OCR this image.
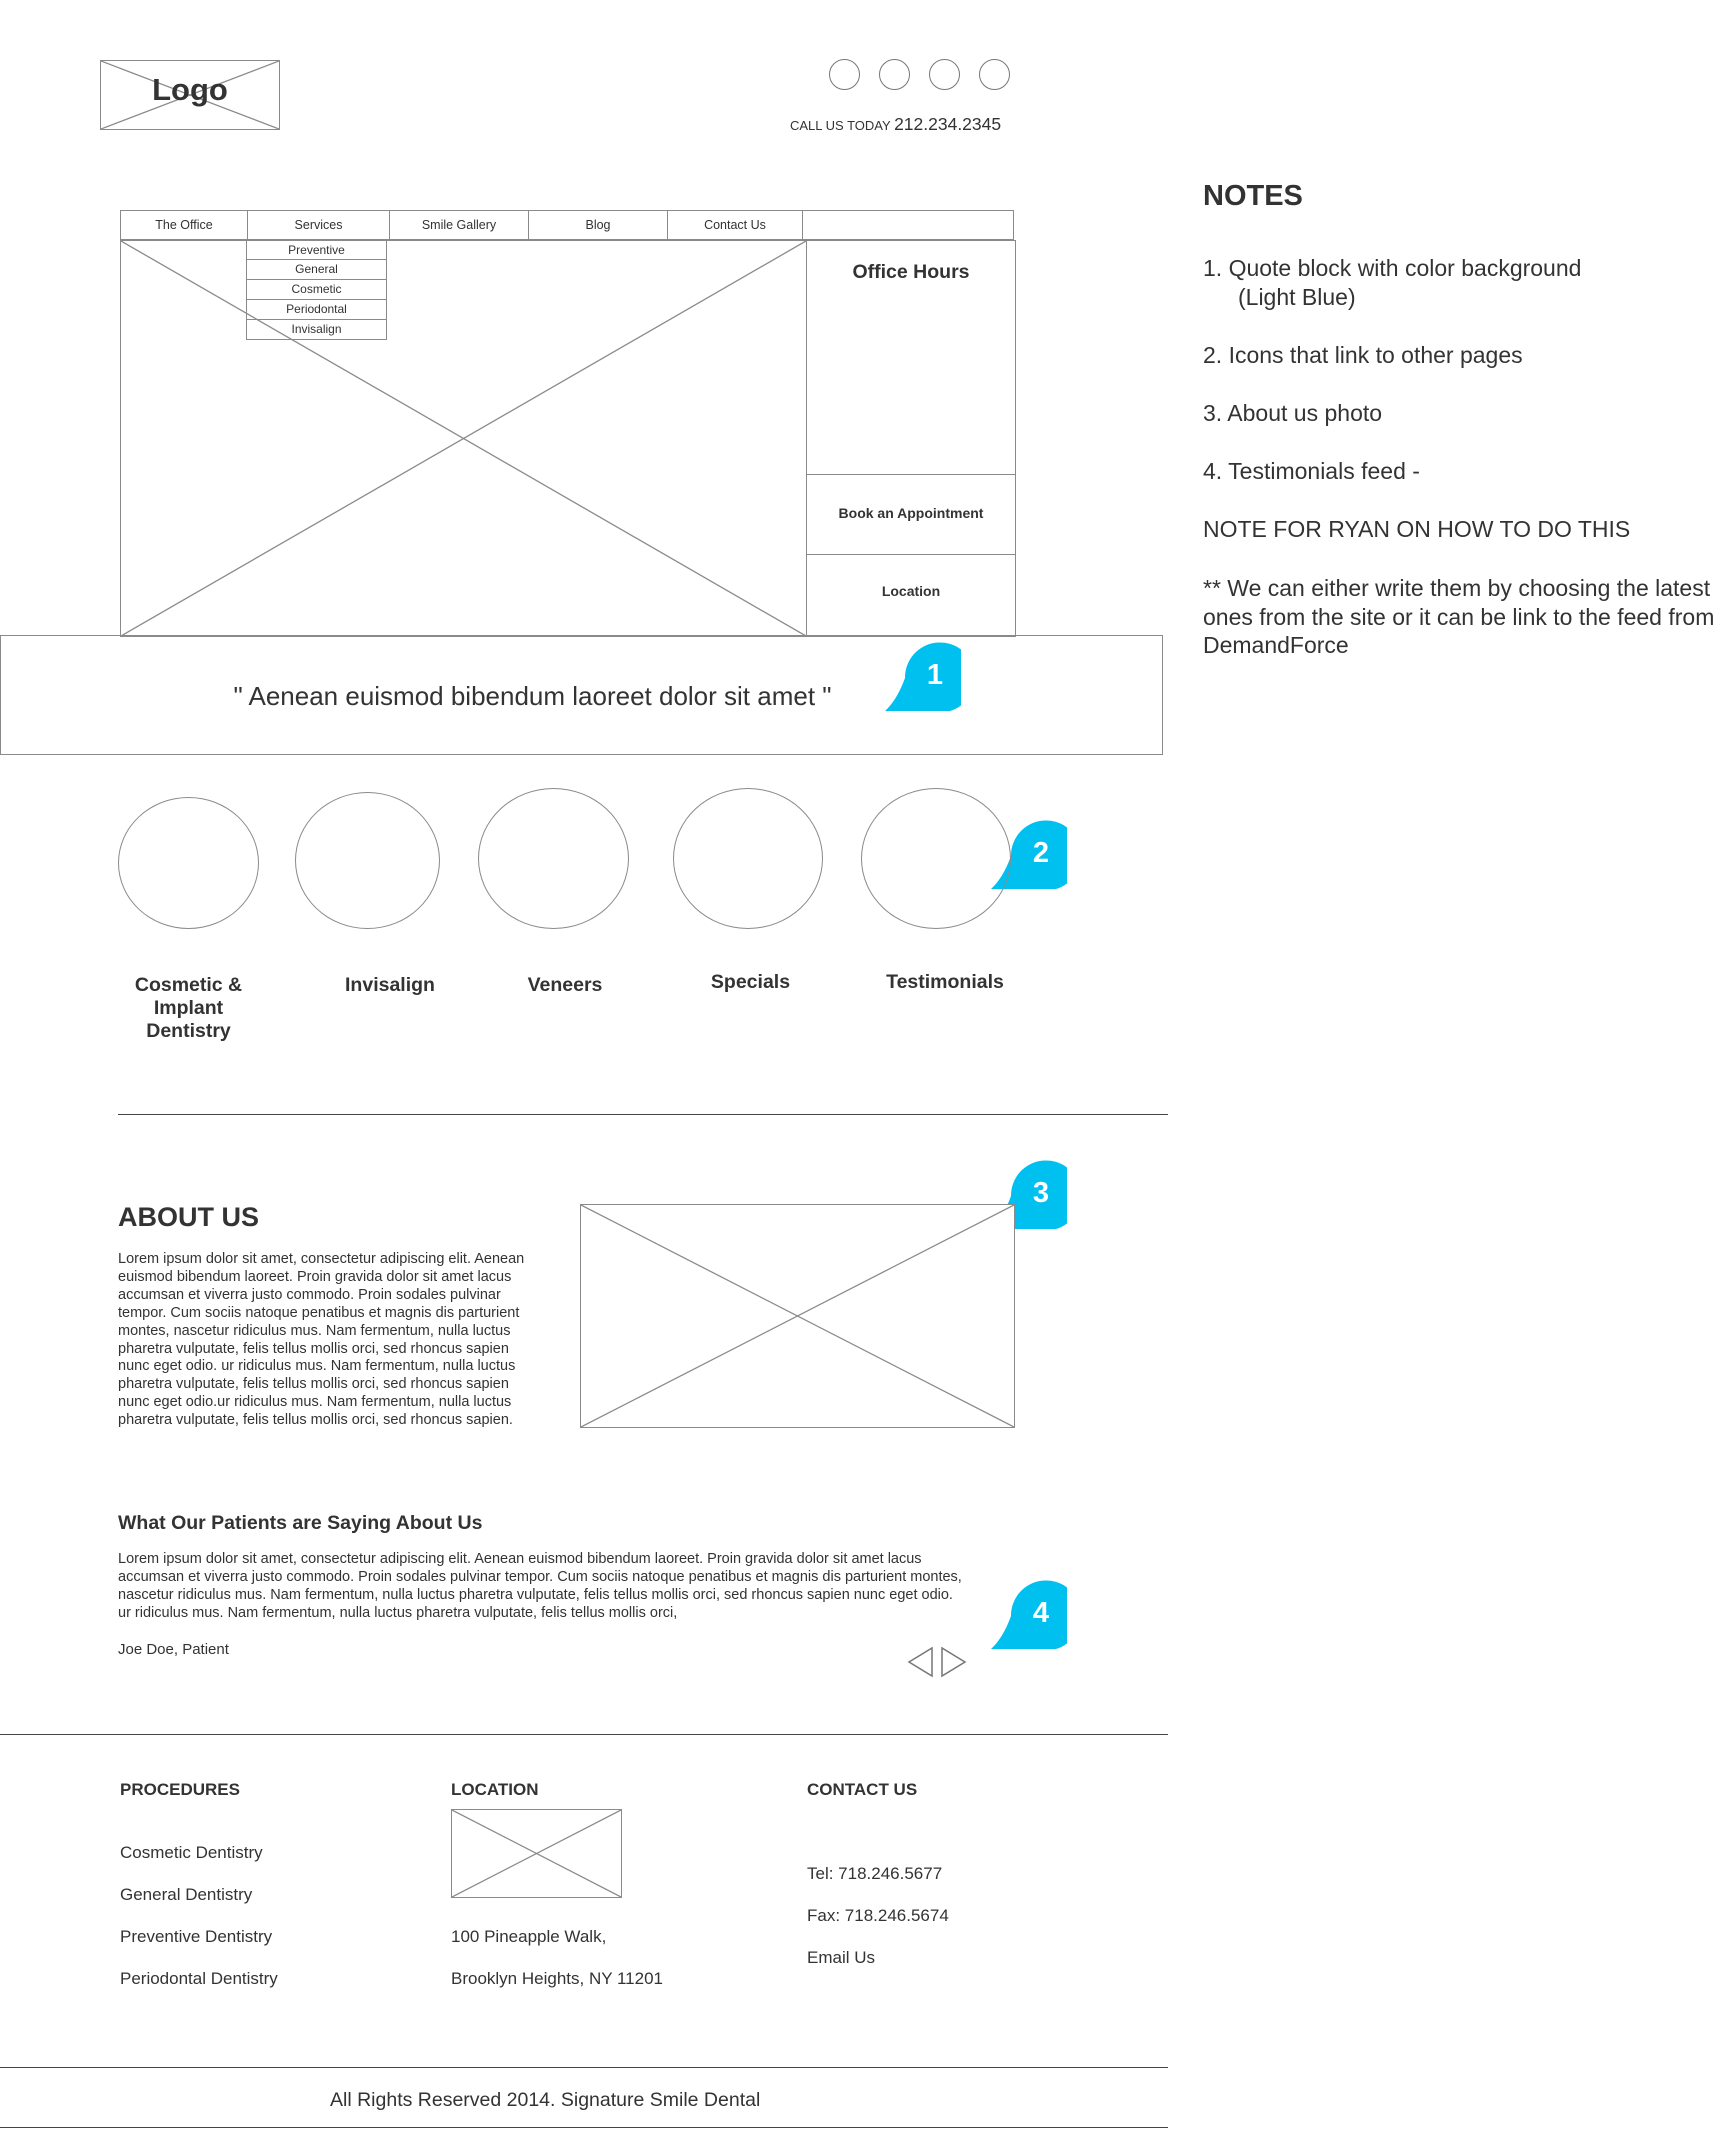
Logo
CALL US TODAY 212.234.2345
The Office	Services	Smile Gallery	Blog	Contact Us
Preventive
General
Cosmetic
Periodontal
Invisalign
Office Hours
Book an Appointment
Location
" Aenean euismod bibendum laoreet dolor sit amet "
1
2
3
4
Cosmetic & Implant Dentistry
Invisalign	Veneers	Specials	Testimonials
ABOUT US
Lorem ipsum dolor sit amet, consectetur adipiscing elit. Aenean euismod bibendum laoreet. Proin gravida dolor sit amet lacus accumsan et viverra justo commodo. Proin sodales pulvinar tempor. Cum sociis natoque penatibus et magnis dis parturient montes, nascetur ridiculus mus. Nam fermentum, nulla luctus pharetra vulputate, felis tellus mollis orci, sed rhoncus sapien nunc eget odio. ur ridiculus mus. Nam fermentum, nulla luctus pharetra vulputate, felis tellus mollis orci, sed rhoncus sapien nunc eget odio.ur ridiculus mus. Nam fermentum, nulla luctus pharetra vulputate, felis tellus mollis orci, sed rhoncus sapien.
What Our Patients are Saying About Us
Lorem ipsum dolor sit amet, consectetur adipiscing elit. Aenean euismod bibendum laoreet. Proin gravida dolor sit amet lacus accumsan et viverra justo commodo. Proin sodales pulvinar tempor. Cum sociis natoque penatibus et magnis dis parturient montes, nascetur ridiculus mus. Nam fermentum, nulla luctus pharetra vulputate, felis tellus mollis orci, sed rhoncus sapien nunc eget odio. ur ridiculus mus. Nam fermentum, nulla luctus pharetra vulputate, felis tellus mollis orci,
Joe Doe, Patient
PROCEDURES
Cosmetic Dentistry
General Dentistry
Preventive Dentistry
Periodontal Dentistry
LOCATION
100 Pineapple Walk,
Brooklyn Heights, NY 11201
CONTACT US
Tel: 718.246.5677
Fax: 718.246.5674
Email Us
All Rights Reserved 2014. Signature Smile Dental
NOTES
1. Quote block with color background
(Light Blue)
2. Icons that link to other pages
3. About us photo
4. Testimonials feed -
NOTE FOR RYAN ON HOW TO DO THIS
** We can either write them by choosing the latest ones from the site or it can be link to the feed from DemandForce
